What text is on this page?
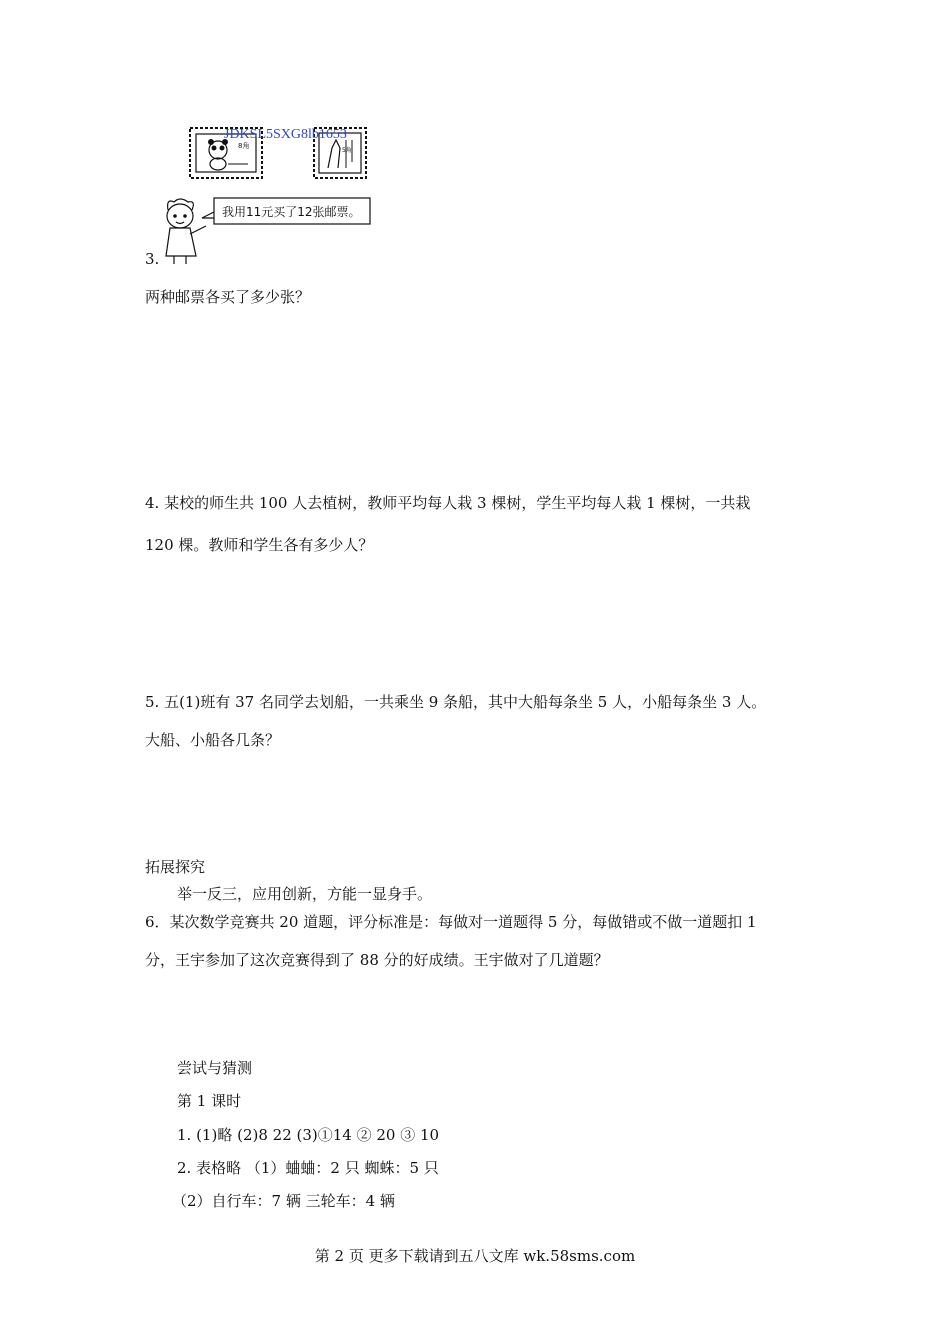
8角
5角
JDKSL5SXG8lb1653
我用11元买了12张邮票。
3.
两种邮票各买了多少张？
4. 某校的师生共 100 人去植树，教师平均每人栽 3 棵树，学生平均每人栽 1 棵树，一共栽
120 棵。教师和学生各有多少人？
5. 五(1)班有 37 名同学去划船，一共乘坐 9 条船，其中大船每条坐 5 人，小船每条坐 3 人。
大船、小船各几条？
拓展探究
举一反三，应用创新，方能一显身手。
6．某次数学竞赛共 20 道题，评分标准是：每做对一道题得 5 分，每做错或不做一道题扣 1
分，王宇参加了这次竞赛得到了 88 分的好成绩。王宇做对了几道题？
尝试与猜测
第 1 课时
1. (1)略 (2)8 22 (3)①14 ② 20 ③ 10
2. 表格略 （1）蛐蛐：2 只 蜘蛛：5 只
（2）自行车：7 辆 三轮车：4 辆
第 2 页 更多下载请到五八文库 wk.58sms.com
